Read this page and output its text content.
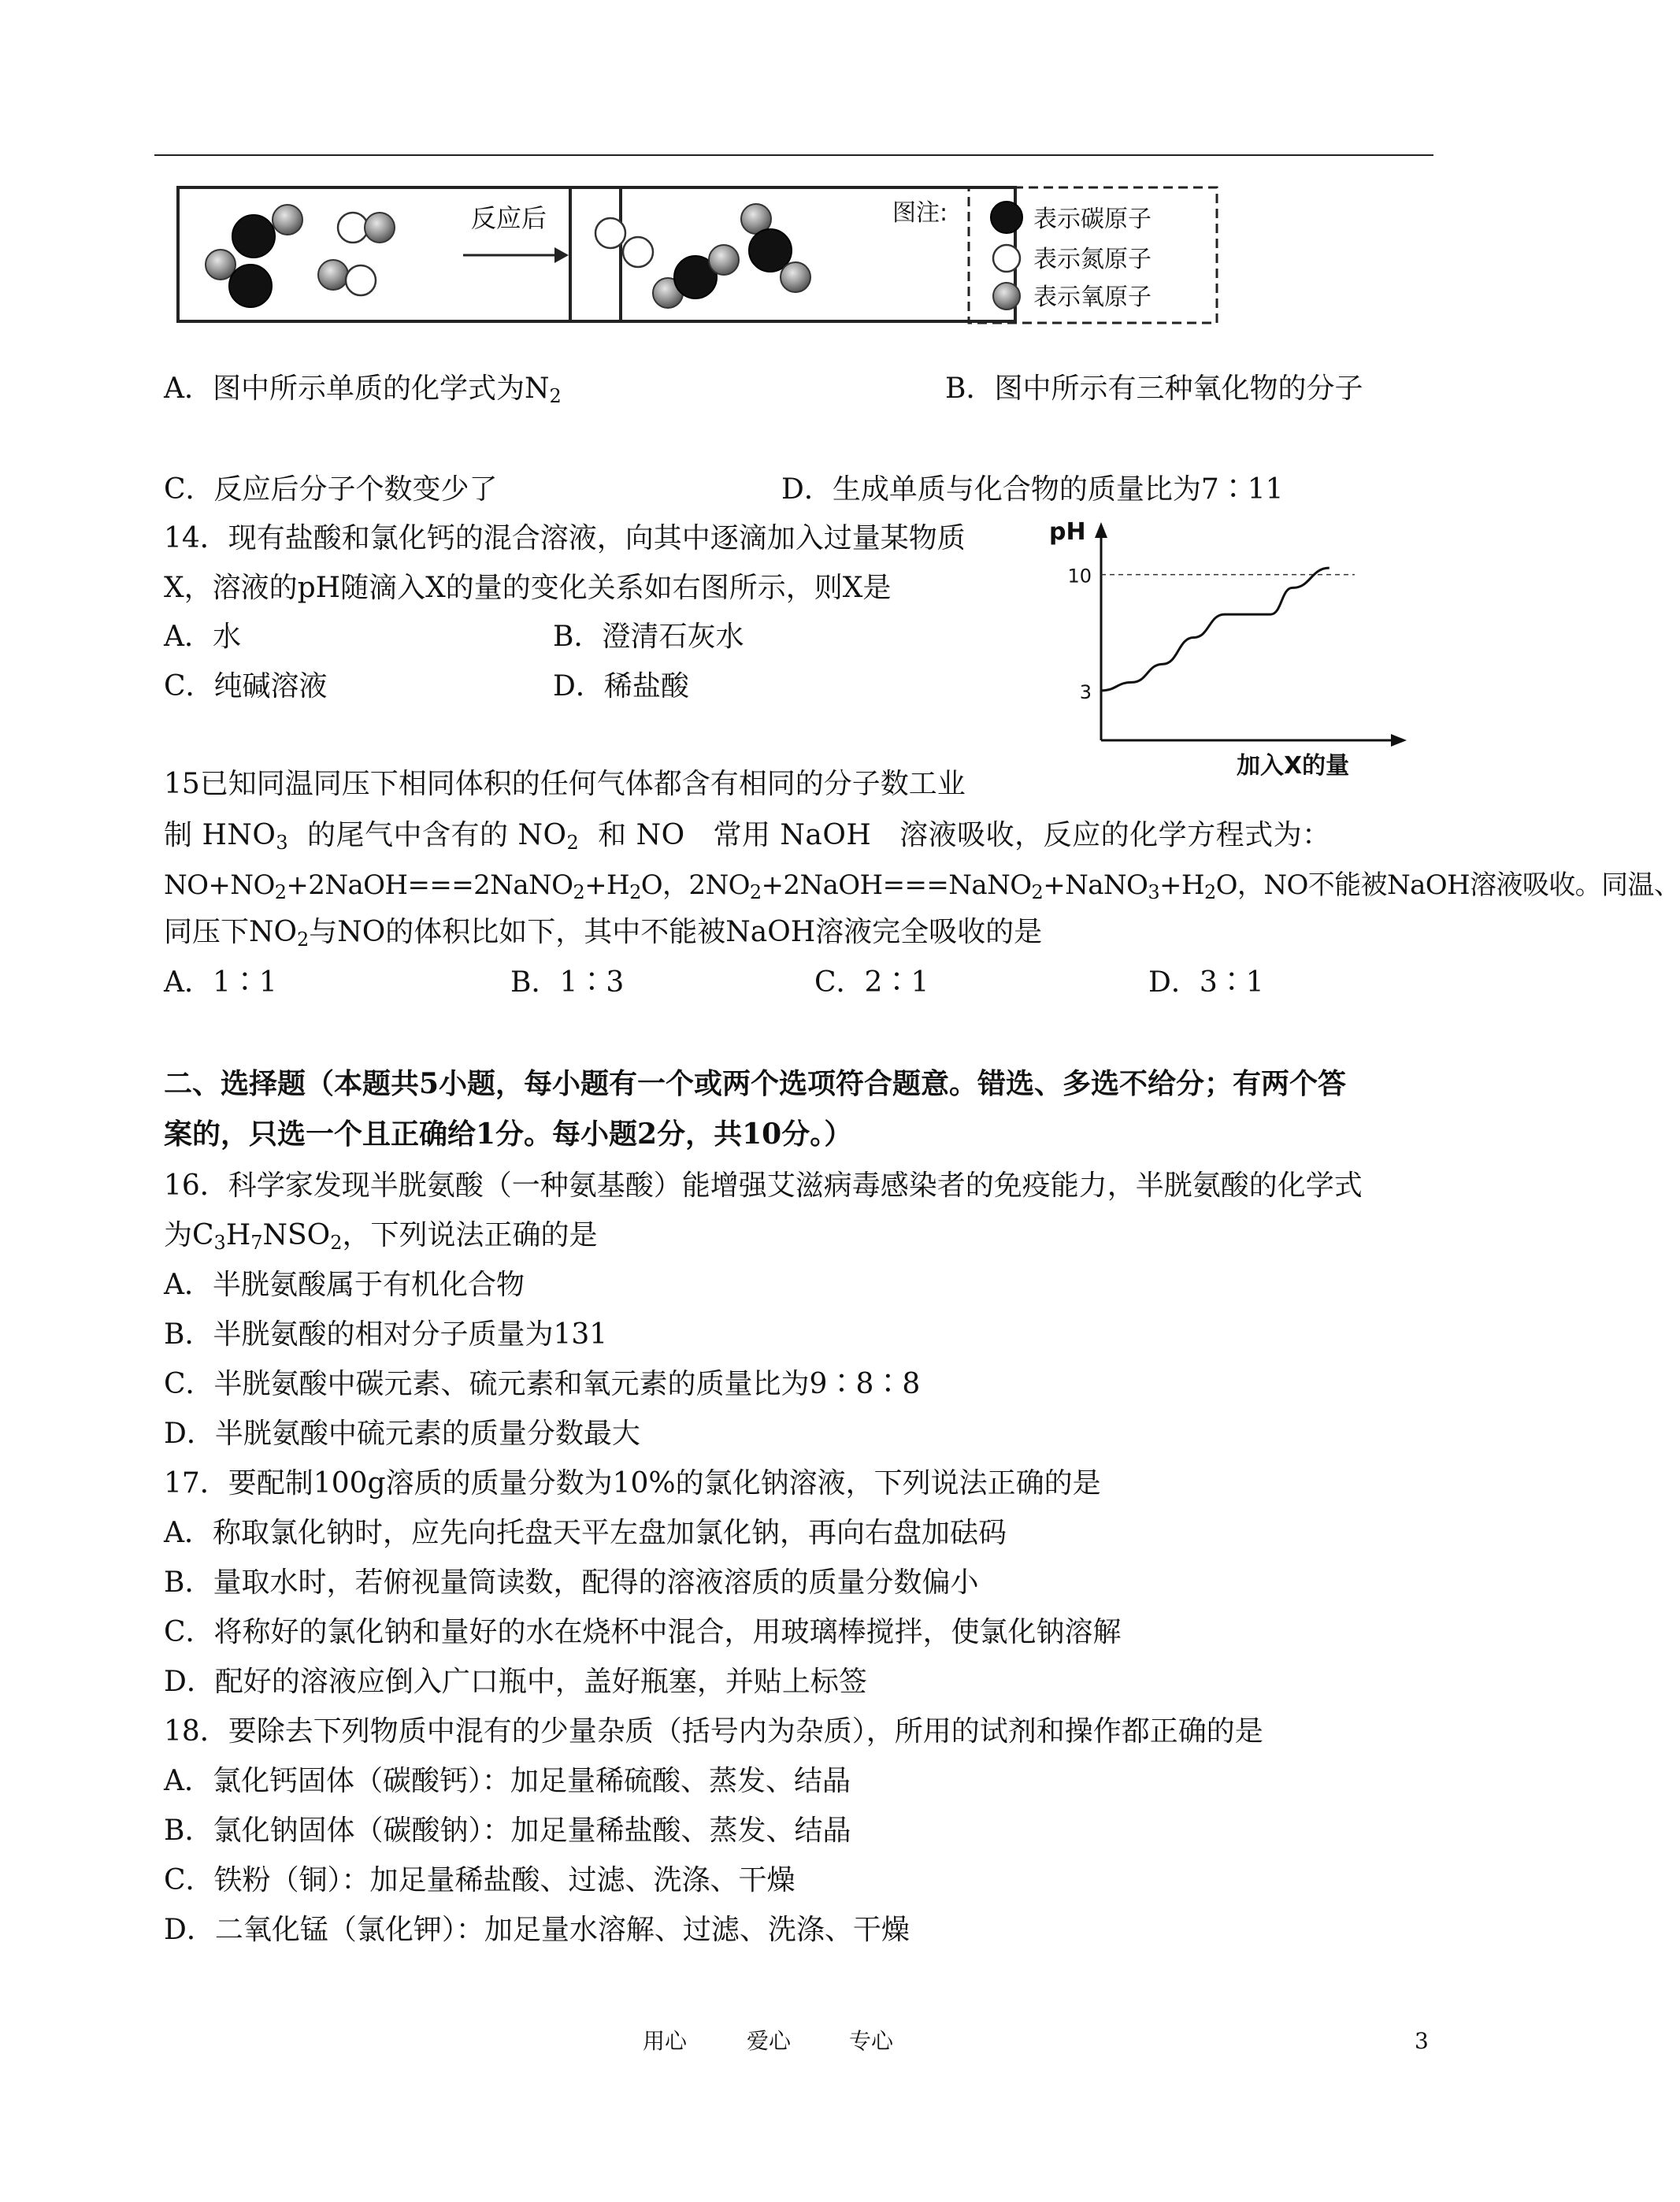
反应后	图注:	表示碳原子
表示氮原子
表示氧原子
A．图中所示单质的化学式为$N_2$	B．图中所示有三种氧化物的分子
C．反应后分子个数变少了	D．生成单质与化合物的质量比为7∶11
14．现有盐酸和氯化钙的混合溶液，向其中逐滴加入过量某物质
X，溶液的pH随滴入X的量的变化关系如右图所示，则X是
A．水	B．澄清石灰水
C．纯碱溶液	D．稀盐酸
pH
加入X的量
10
3
15已知同温同压下相同体积的任何气体都含有相同的分子数工业
制 $HNO_3$  的尾气中含有的 $NO_2$  和 NO   常用 NaOH   溶液吸收，反应的化学方程式为：
$NO+NO_2+2NaOH===2NaNO_2+H_2O$，$2NO_2+2NaOH===NaNO_2+NaNO_3+H_2O$，NO不能被NaOH溶液吸收。同温、
同压下$NO_2$与NO的体积比如下，其中不能被NaOH溶液完全吸收的是
A．1∶1	B．1∶3	C．2∶1	D．3∶1
二、选择题（本题共5小题，每小题有一个或两个选项符合题意。错选、多选不给分；有两个答
案的，只选一个且正确给1分。每小题2分，共10分。）
16．科学家发现半胱氨酸（一种氨基酸）能增强艾滋病毒感染者的免疫能力，半胱氨酸的化学式
为$C_3H_7NSO_2$，下列说法正确的是
A．半胱氨酸属于有机化合物
B．半胱氨酸的相对分子质量为131
C．半胱氨酸中碳元素、硫元素和氧元素的质量比为9∶8∶8
D．半胱氨酸中硫元素的质量分数最大
17．要配制100g溶质的质量分数为10%的氯化钠溶液，下列说法正确的是
A．称取氯化钠时，应先向托盘天平左盘加氯化钠，再向右盘加砝码
B．量取水时，若俯视量筒读数，配得的溶液溶质的质量分数偏小
C．将称好的氯化钠和量好的水在烧杯中混合，用玻璃棒搅拌，使氯化钠溶解
D．配好的溶液应倒入广口瓶中，盖好瓶塞，并贴上标签
18．要除去下列物质中混有的少量杂质（括号内为杂质），所用的试剂和操作都正确的是
A．氯化钙固体（碳酸钙）：加足量稀硫酸、蒸发、结晶
B．氯化钠固体（碳酸钠）：加足量稀盐酸、蒸发、结晶
C．铁粉（铜）：加足量稀盐酸、过滤、洗涤、干燥
D．二氧化锰（氯化钾）：加足量水溶解、过滤、洗涤、干燥
用心	爱心	专心	3
